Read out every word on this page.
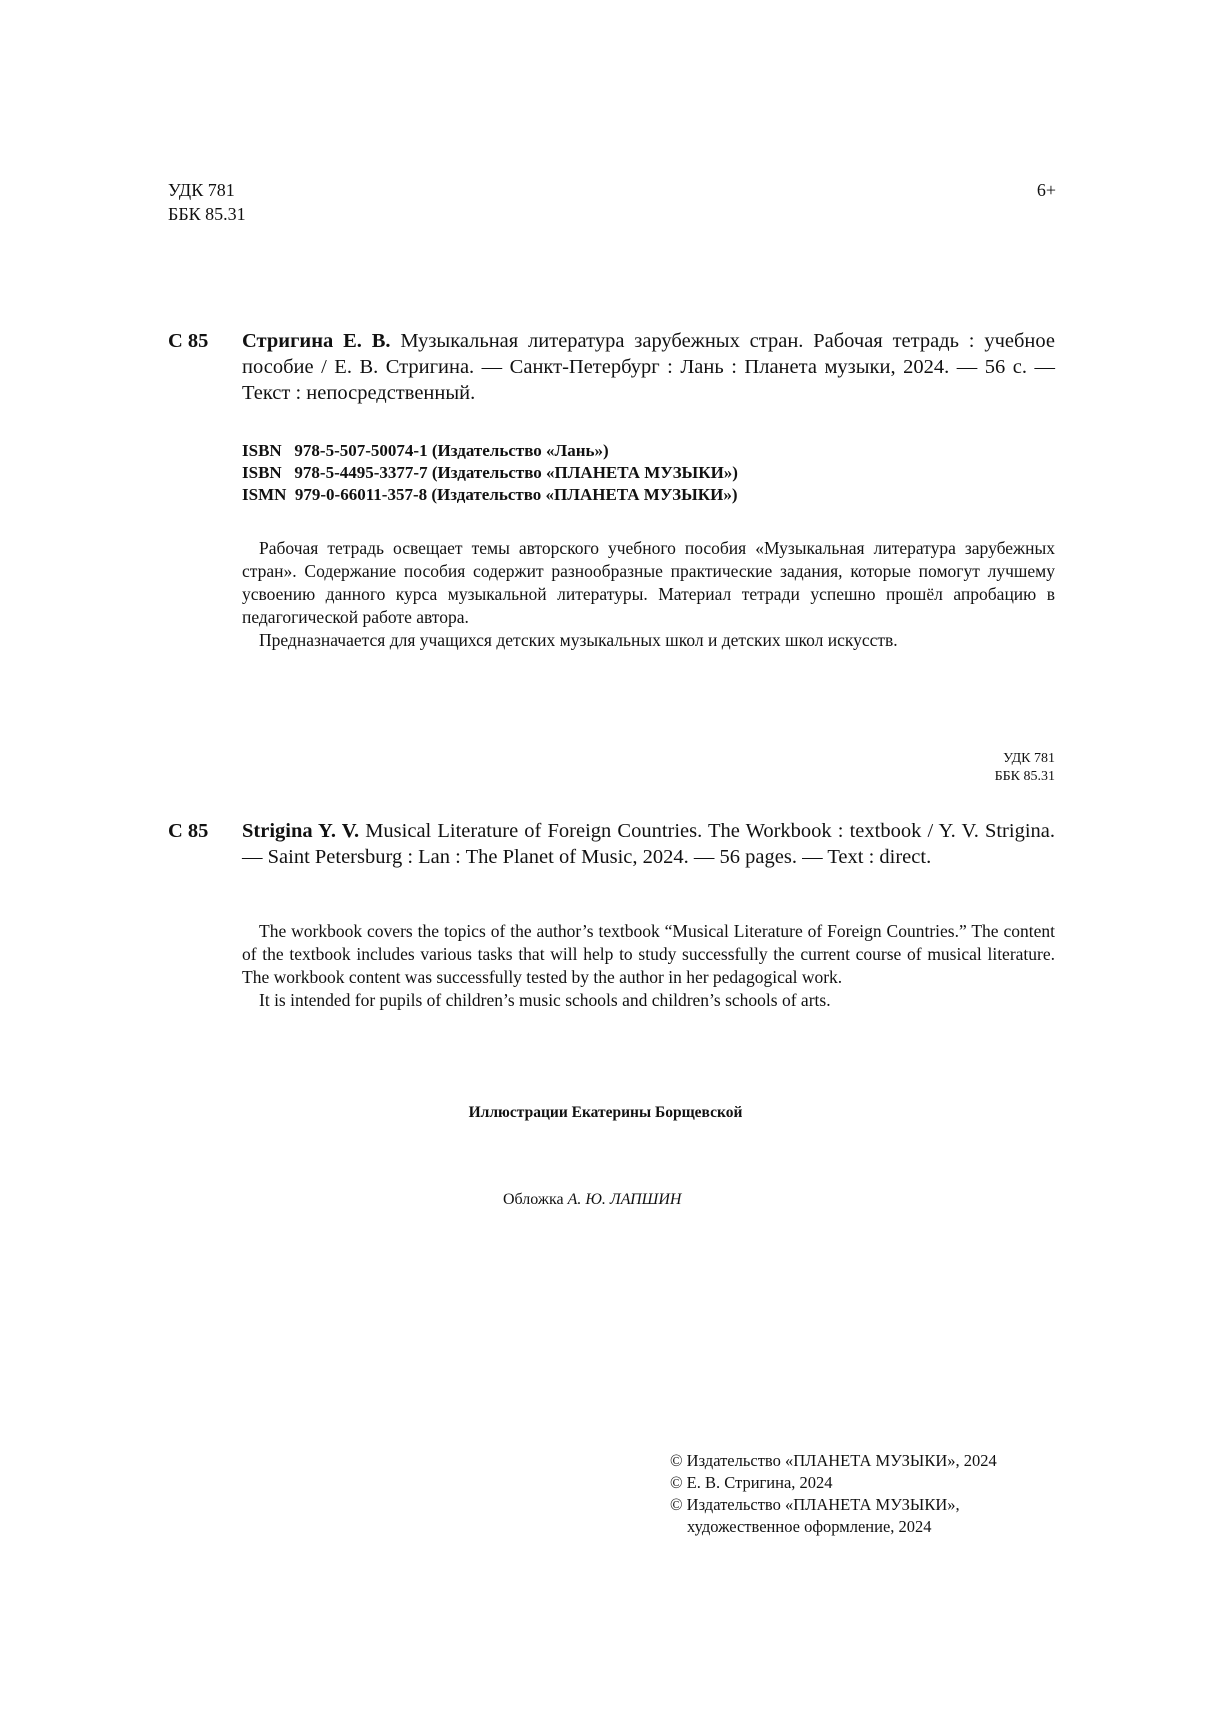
УДК 781
ББК 85.31
6+
С 85 Стригина Е. В. Музыкальная литература зарубежных стран. Рабочая тетрадь : учебное пособие / Е. В. Стригина. — Санкт-Петербург : Лань : Планета музыки, 2024. — 56 с. — Текст : непосредственный.
ISBN   978-5-507-50074-1 (Издательство «Лань»)
ISBN   978-5-4495-3377-7 (Издательство «ПЛАНЕТА МУЗЫКИ»)
ISMN  979-0-66011-357-8 (Издательство «ПЛАНЕТА МУЗЫКИ»)

Рабочая тетрадь освещает темы авторского учебного пособия «Музыкальная литература зарубежных стран». Содержание пособия содержит разнообразные практические задания, которые помогут лучшему усвоению данного курса музыкальной литературы. Материал тетради успешно прошёл апробацию в педагогической работе автора.

Предназначается для учащихся детских музыкальных школ и детских школ искусств.

УДК 781
ББК 85.31
С 85 Strigina Y. V. Musical Literature of Foreign Countries. The Workbook : textbook / Y. V. Strigina. — Saint Petersburg : Lan : The Planet of Music, 2024. — 56 pages. — Text : direct.

The workbook covers the topics of the author’s textbook “Musical Literature of Foreign Countries.” The content of the textbook includes various tasks that will help to study successfully the current course of musical literature. The workbook content was successfully tested by the author in her pedagogical work.

It is intended for pupils of children’s music schools and children’s schools of arts.

Иллюстрации Екатерины Борщевской
Обложка А. Ю. ЛАПШИН
© Издательство «ПЛАНЕТА МУЗЫКИ», 2024
© Е. В. Стригина, 2024
© Издательство «ПЛАНЕТА МУЗЫКИ»,
художественное оформление, 2024
